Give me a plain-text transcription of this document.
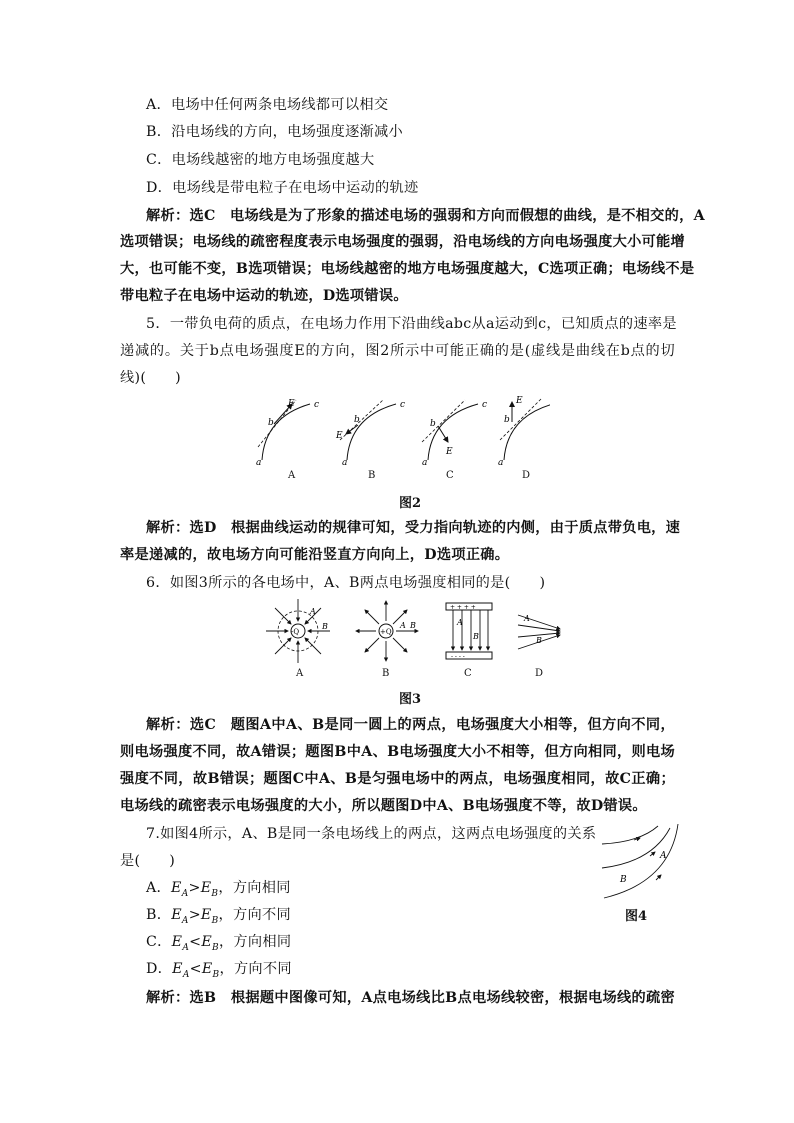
A．电场中任何两条电场线都可以相交
B．沿电场线的方向，电场强度逐渐减小
C．电场线越密的地方电场强度越大
D．电场线是带电粒子在电场中运动的轨迹
解析：选C　电场线是为了形象的描述电场的强弱和方向而假想的曲线，是不相交的，A
选项错误；电场线的疏密程度表示电场强度的强弱，沿电场线的方向电场强度大小可能增
大，也可能不变，B选项错误；电场线越密的地方电场强度越大，C选项正确；电场线不是
带电粒子在电场中运动的轨迹，D选项错误。
5．一带负电荷的质点，在电场力作用下沿曲线abc从a运动到c，已知质点的速率是
递减的。关于b点电场强度E的方向，图2所示中可能正确的是(虚线是曲线在b点的切
线)(　　)
a
b
c
E
a
b
c
E
a
b
c
E
a
b
E
A	B	C	D
图2
解析：选D　根据曲线运动的规律可知，受力指向轨迹的内侧，由于质点带负电，速
率是递减的，故电场方向可能沿竖直方向向上，D选项正确。
6．如图3所示的各电场中，A、B两点电场强度相同的是(　　)
-Q
A
B
+Q
A B
+ + + +
- - - -
A
B
A
B
A	B	C	D
图3
解析：选C　题图A中A、B是同一圆上的两点，电场强度大小相等，但方向不同，
则电场强度不同，故A错误；题图B中A、B电场强度大小不相等，但方向相同，则电场
强度不同，故B错误；题图C中A、B是匀强电场中的两点，电场强度相同，故C正确；
电场线的疏密表示电场强度的大小，所以题图D中A、B电场强度不等，故D错误。
7.如图4所示，A、B是同一条电场线上的两点，这两点电场强度的关系
是(　　)
A．$E_A>E_B$，方向相同
B．$E_A>E_B$，方向不同
C．$E_A<E_B$，方向相同
D．$E_A<E_B$，方向不同
A
B
图4
解析：选B　根据题中图像可知，A点电场线比B点电场线较密，根据电场线的疏密
